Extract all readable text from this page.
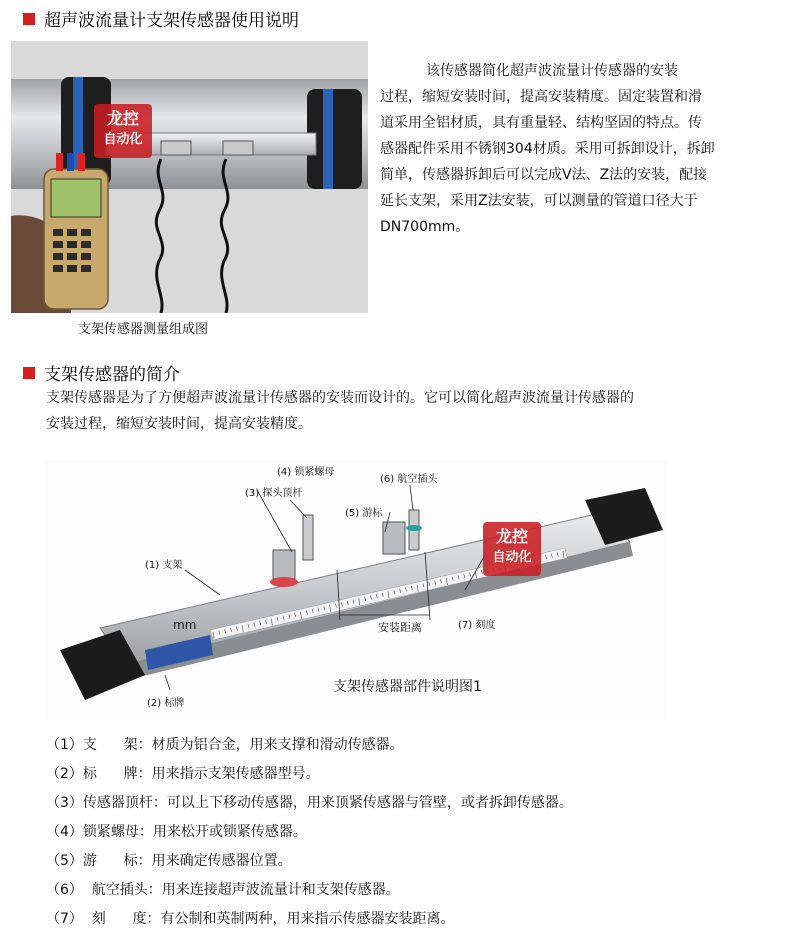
超声波流量计支架传感器使用说明
龙控
自动化
支架传感器测量组成图

该传感器简化超声波流量计传感器的安装

过程，缩短安装时间，提高安装精度。固定装置和滑

道采用全铝材质，具有重量轻、结构坚固的特点。传

感器配件采用不锈钢304材质。采用可拆卸设计，拆卸

简单，传感器拆卸后可以完成V法、Z法的安装，配接

延长支架，采用Z法安装，可以测量的管道口径大于

DN700mm。

支架传感器的简介
支架传感器是为了方便超声波流量计传感器的安装而设计的。它可以简化超声波流量计传感器的
安装过程，缩短安装时间，提高安装精度。
mm
(1) 支架
(4) 锁紧螺母
(3) 探头顶杆
(5) 游标
(6) 航空插头
(7) 刻度
(2) 标牌
安装距离
支架传感器部件说明图1
龙控
自动化
（1）支      架：材质为铝合金，用来支撑和滑动传感器。
（2）标      牌：用来指示支架传感器型号。
（3）传感器顶杆：可以上下移动传感器，用来顶紧传感器与管壁，或者拆卸传感器。
（4）锁紧螺母：用来松开或锁紧传感器。
（5）游      标：用来确定传感器位置。
（6）  航空插头：用来连接超声波流量计和支架传感器。
（7）  刻      度：有公制和英制两种，用来指示传感器安装距离。
